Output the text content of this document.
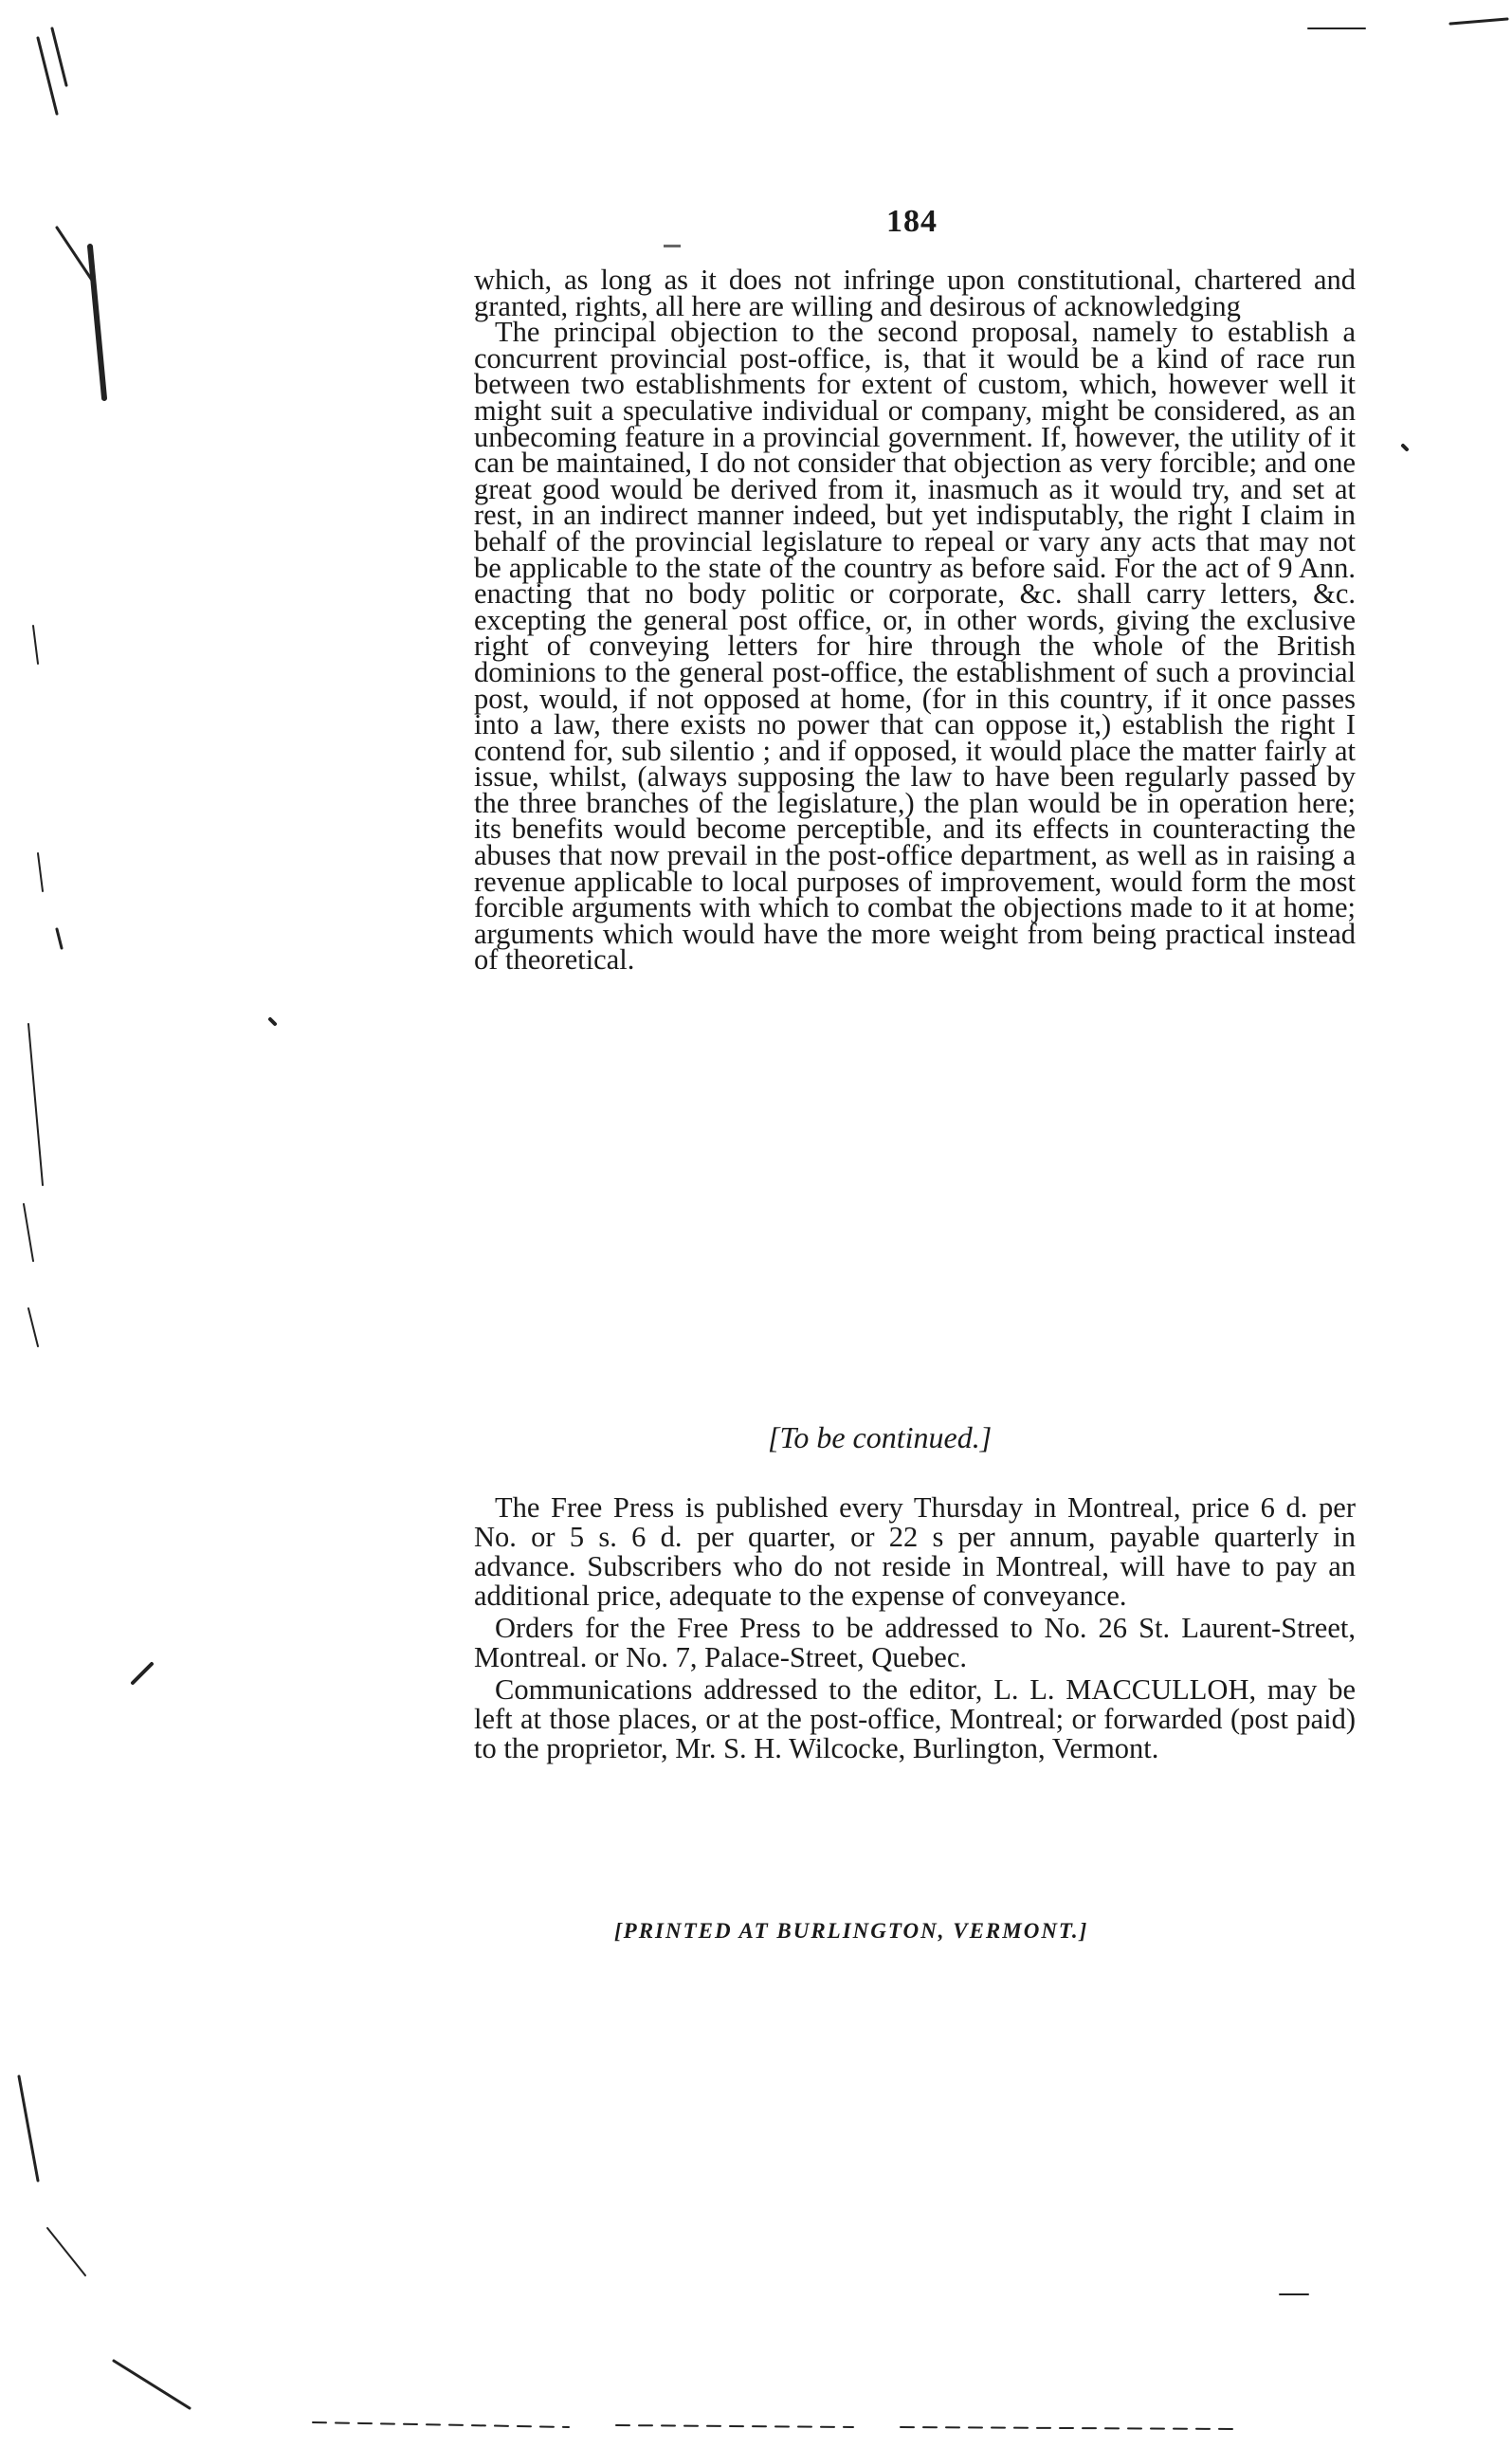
184

which, as long as it does not infringe upon constitutional, chartered and granted, rights, all here are willing and desirous of acknowledging

The principal objection to the second proposal, namely to establish a concurrent provincial post-office, is, that it would be a kind of race run between two establishments for extent of custom, which, however well it might suit a speculative individual or company, might be considered, as an unbecoming feature in a provincial government. If, however, the utility of it can be maintained, I do not consider that objection as very forcible; and one great good would be derived from it, inasmuch as it would try, and set at rest, in an indirect manner indeed, but yet indisputably, the right I claim in behalf of the provincial legislature to repeal or vary any acts that may not be applicable to the state of the country as before said. For the act of 9 Ann. enacting that no body politic or corporate, &c. shall carry letters, &c. excepting the general post office, or, in other words, giving the exclusive right of conveying letters for hire through the whole of the British dominions to the general post-office, the establishment of such a provincial post, would, if not opposed at home, (for in this country, if it once passes into a law, there exists no power that can oppose it,) establish the right I contend for, sub silentio ; and if opposed, it would place the matter fairly at issue, whilst, (always supposing the law to have been regularly passed by the three branches of the legislature,) the plan would be in operation here; its benefits would become perceptible, and its effects in counteracting the abuses that now prevail in the post-office department, as well as in raising a revenue applicable to local purposes of improvement, would form the most forcible arguments with which to combat the objections made to it at home; arguments which would have the more weight from being practical instead of theoretical.

[To be continued.]

The Free Press is published every Thursday in Montreal, price 6 d. per No. or 5 s. 6 d. per quarter, or 22 s per annum, payable quarterly in advance. Subscribers who do not reside in Montreal, will have to pay an additional price, adequate to the expense of conveyance.

Orders for the Free Press to be addressed to No. 26 St. Laurent-Street, Montreal. or No. 7, Palace-Street, Quebec.

Communications addressed to the editor, L. L. MACCULLOH, may be left at those places, or at the post-office, Montreal; or forwarded (post paid) to the proprietor, Mr. S. H. Wilcocke, Burlington, Vermont.

[PRINTED AT BURLINGTON, VERMONT.]
